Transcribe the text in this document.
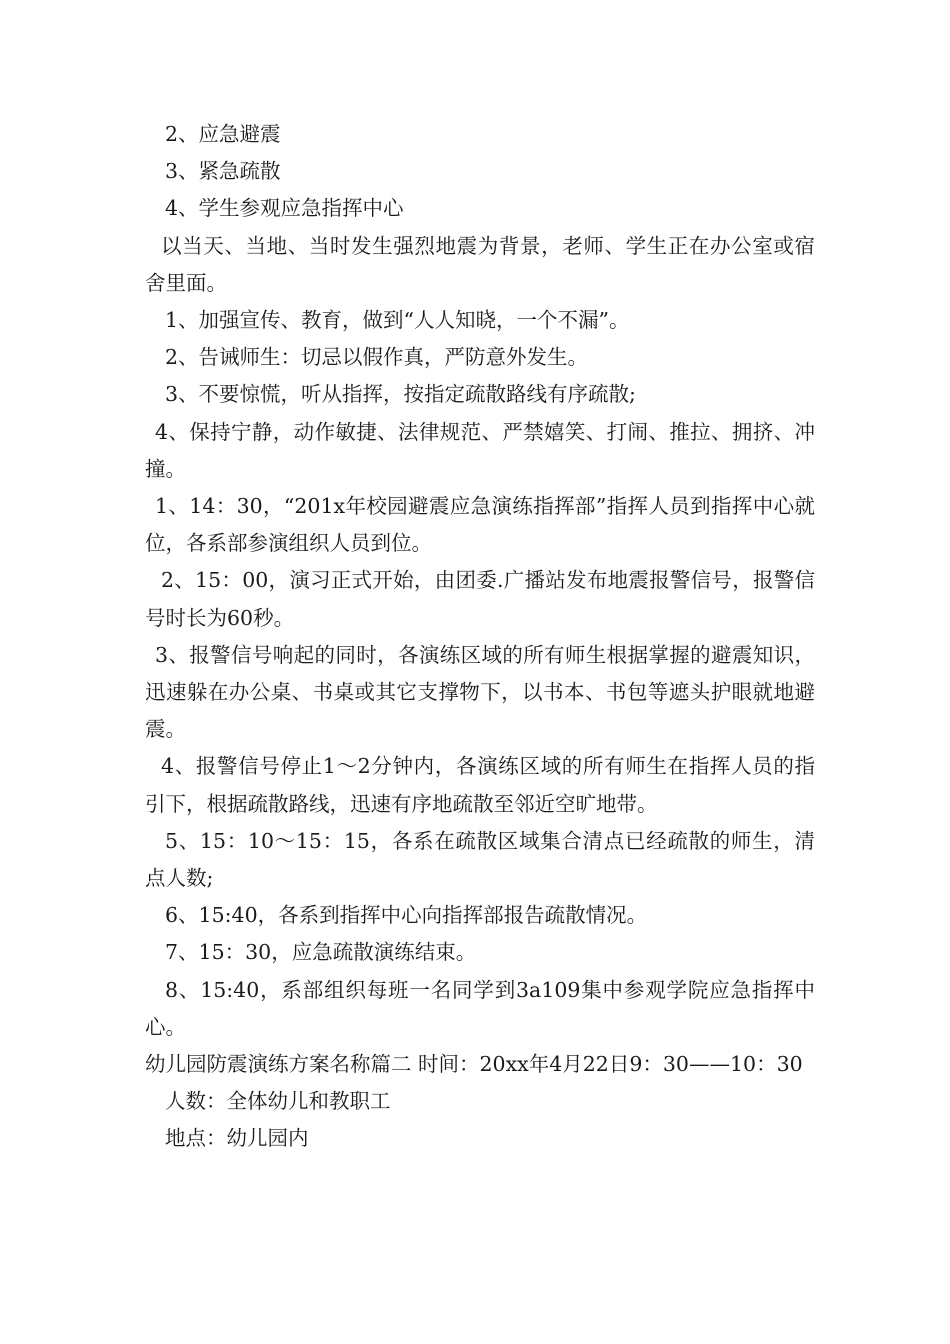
2、应急避震

3、紧急疏散

4、学生参观应急指挥中心

以当天、当地、当时发生强烈地震为背景，老师、学生正在办公室或宿舍里面。

1、加强宣传、教育，做到“人人知晓，一个不漏”。

2、告诫师生：切忌以假作真，严防意外发生。

3、不要惊慌，听从指挥，按指定疏散路线有序疏散;

4、保持宁静，动作敏捷、法律规范、严禁嬉笑、打闹、推拉、拥挤、冲撞。

1、14：30，“201x年校园避震应急演练指挥部”指挥人员到指挥中心就位，各系部参演组织人员到位。

2、15：00，演习正式开始，由团委.广播站发布地震报警信号，报警信号时长为60秒。

3、报警信号响起的同时，各演练区域的所有师生根据掌握的避震知识，迅速躲在办公桌、书桌或其它支撑物下，以书本、书包等遮头护眼就地避震。

4、报警信号停止1～2分钟内，各演练区域的所有师生在指挥人员的指引下，根据疏散路线，迅速有序地疏散至邻近空旷地带。

5、15：10～15：15，各系在疏散区域集合清点已经疏散的师生，清点人数;

6、15:40，各系到指挥中心向指挥部报告疏散情况。

7、15：30，应急疏散演练结束。

8、15:40，系部组织每班一名同学到3a109集中参观学院应急指挥中心。

幼儿园防震演练方案名称篇二 时间：20xx年4月22日9：30——10：30

人数：全体幼儿和教职工

地点：幼儿园内
